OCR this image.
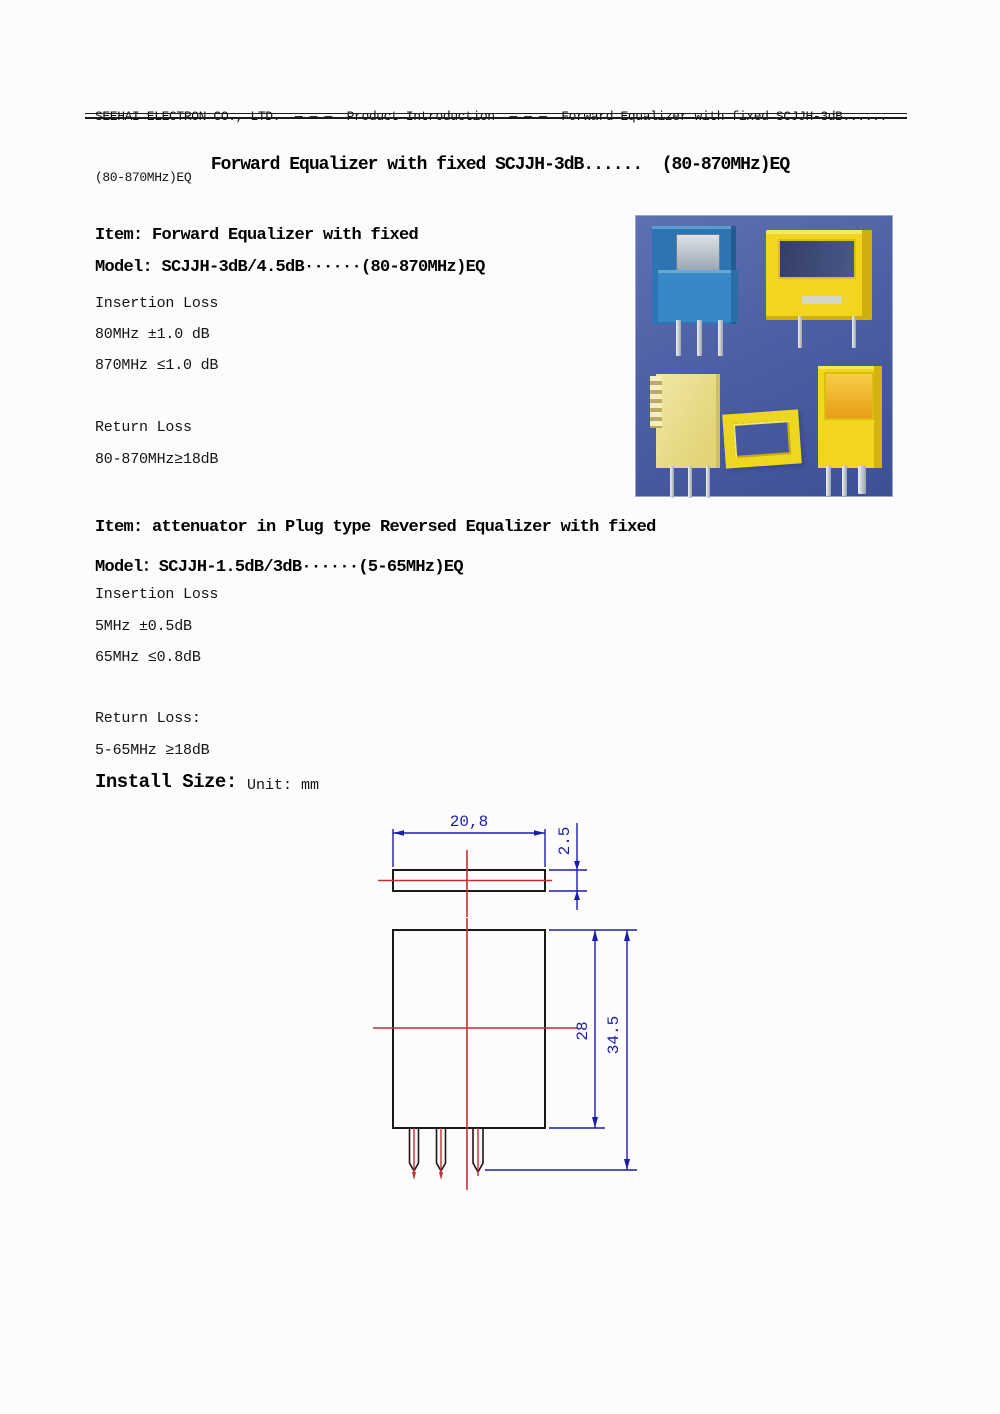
SEEHAI ELECTRON CO., LTD.  — — —  Product Introduction  — — —  Forward Equalizer with fixed SCJJH-3dB......

(80-870MHz)EQ

Forward Equalizer with fixed SCJJH-3dB......  (80-870MHz)EQ
Item: Forward Equalizer with fixed
Model: SCJJH-3dB/4.5dB······(80-870MHz)EQ
Insertion Loss
80MHz ±1.0 dB
870MHz ≤1.0 dB
Return Loss
80-870MHz≥18dB

Item: attenuator in Plug type Reversed Equalizer with fixed
Model：SCJJH-1.5dB/3dB······(5-65MHz)EQ
Insertion Loss
5MHz ±0.5dB
65MHz ≤0.8dB
Return Loss:
5-65MHz ≥18dB
Install Size: Unit: mm
20,8
2.5
28 34.5
